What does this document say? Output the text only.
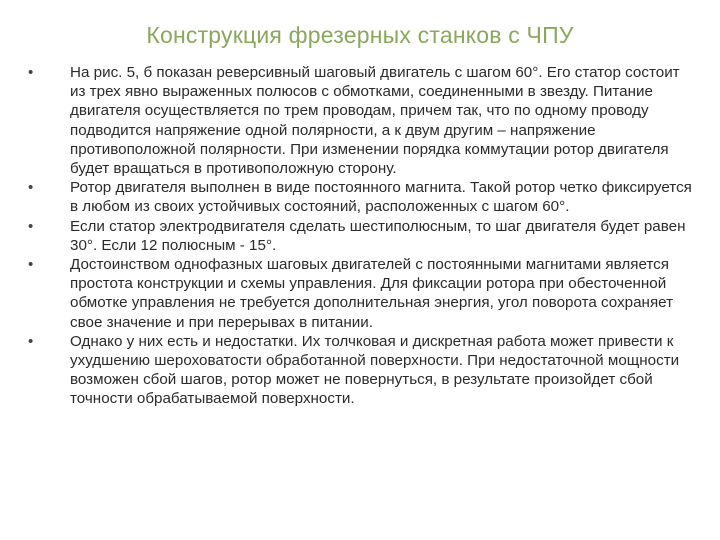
Конструкция фрезерных станков с ЧПУ
•	На рис. 5, б показан реверсивный шаговый двигатель с шагом 60°. Его статор состоит из трех явно выраженных полюсов с обмотками, соединенными в звезду. Питание двигателя осуществляется по трем проводам, причем так, что по одному проводу подводится напряжение одной полярности, а к двум другим – напряжение противоположной полярности. При изменении порядка коммутации ротор двигателя будет вращаться в противоположную сторону.
•	Ротор двигателя выполнен в виде постоянного магнита. Такой ротор четко фиксируется в любом из своих устойчивых состояний, расположенных с шагом 60°.
•	Если статор электродвигателя сделать шестиполюсным, то шаг двигателя будет равен 30°. Если 12 полюсным - 15°.
•	Достоинством однофазных шаговых двигателей с постоянными магнитами является простота конструкции и схемы управления. Для фиксации ротора при обесточенной обмотке управления не требуется дополнительная энергия, угол поворота сохраняет свое значение и при перерывах в питании.
•	Однако у них есть и недостатки. Их толчковая и дискретная работа может привести к ухудшению шероховатости обработанной поверхности. При недостаточной мощности возможен сбой шагов, ротор может не повернуться, в результате произойдет сбой точности обрабатываемой поверхности.
